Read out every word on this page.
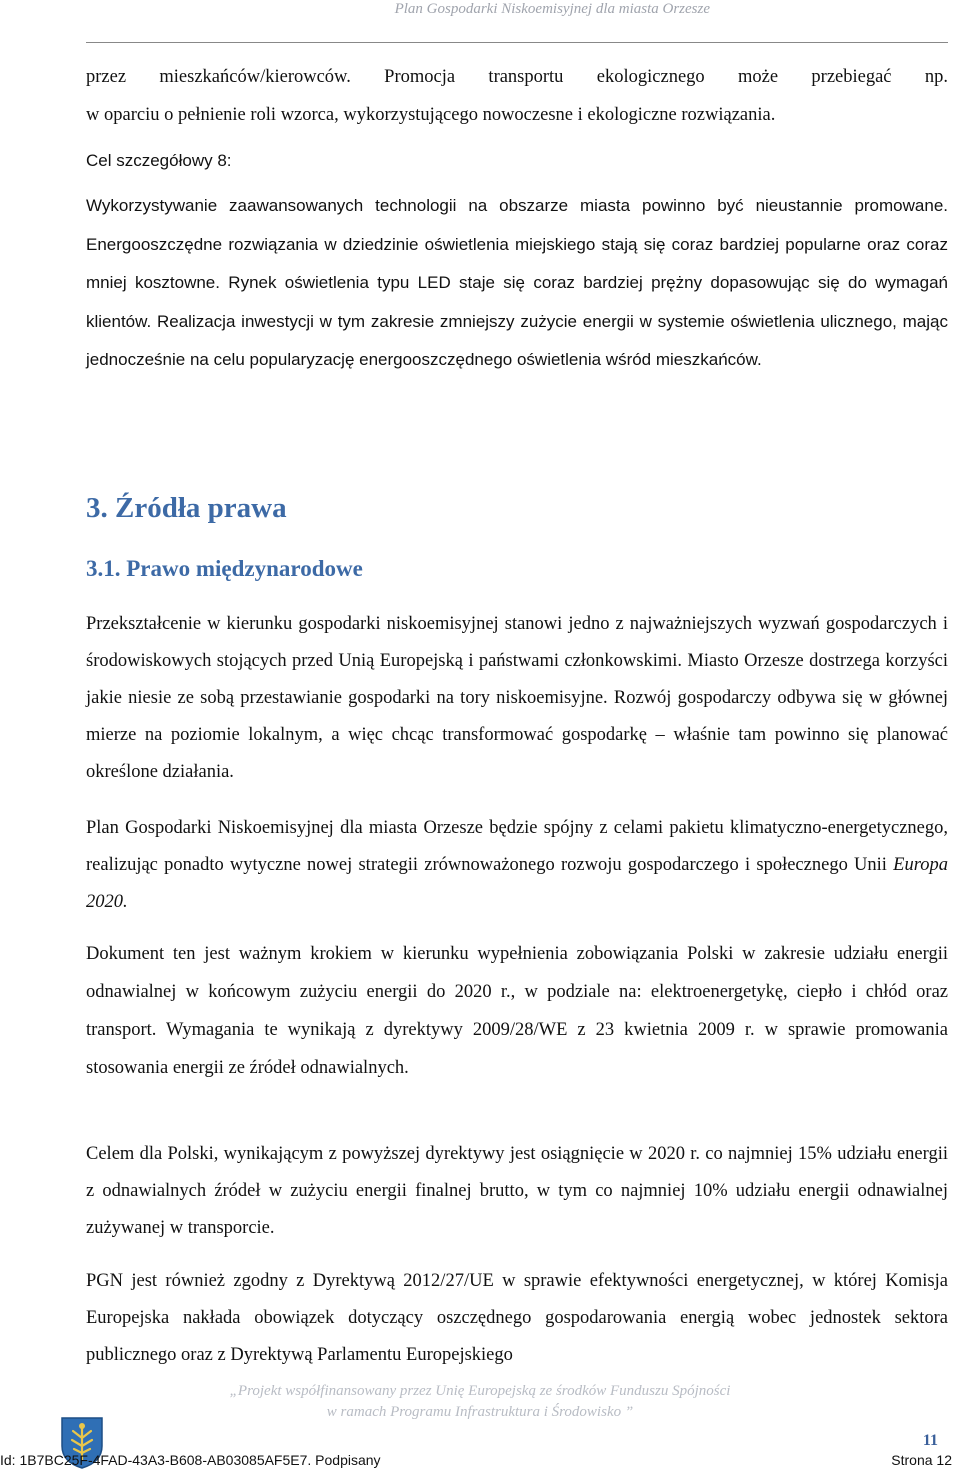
Plan Gospodarki Niskoemisyjnej dla miasta Orzesze

przez mieszkańców/kierowców. Promocja transportu ekologicznego może przebiegać np.
w oparciu o pełnienie roli wzorca, wykorzystującego nowoczesne i ekologiczne rozwiązania.

Cel szczegółowy 8:

Wykorzystywanie zaawansowanych technologii na obszarze miasta powinno być nieustannie promowane. Energooszczędne rozwiązania w dziedzinie oświetlenia miejskiego stają się coraz bardziej popularne oraz coraz mniej kosztowne. Rynek oświetlenia typu LED staje się coraz bardziej prężny dopasowując się do wymagań klientów. Realizacja inwestycji w tym zakresie zmniejszy zużycie energii w systemie oświetlenia ulicznego, mając jednocześnie na celu popularyzację energooszczędnego oświetlenia wśród mieszkańców.

3. Źródła prawa
3.1. Prawo międzynarodowe

Przekształcenie w kierunku gospodarki niskoemisyjnej stanowi jedno z najważniejszych wyzwań gospodarczych i środowiskowych stojących przed Unią Europejską i państwami członkowskimi. Miasto Orzesze dostrzega korzyści jakie niesie ze sobą przestawianie gospodarki na tory niskoemisyjne. Rozwój gospodarczy odbywa się w głównej mierze na poziomie lokalnym, a więc chcąc transformować gospodarkę – właśnie tam powinno się planować określone działania.

Plan Gospodarki Niskoemisyjnej dla miasta Orzesze będzie spójny z celami pakietu klimatyczno-energetycznego, realizując ponadto wytyczne nowej strategii zrównoważonego rozwoju gospodarczego i społecznego Unii Europa 2020.

Dokument ten jest ważnym krokiem w kierunku wypełnienia zobowiązania Polski w zakresie udziału energii odnawialnej w końcowym zużyciu energii do 2020 r., w podziale na: elektroenergetykę, ciepło i chłód oraz transport. Wymagania te wynikają z dyrektywy 2009/28/WE z 23 kwietnia 2009 r. w sprawie promowania stosowania energii ze źródeł odnawialnych.

Celem dla Polski, wynikającym z powyższej dyrektywy jest osiągnięcie w 2020 r. co najmniej 15% udziału energii z odnawialnych źródeł w zużyciu energii finalnej brutto, w tym co najmniej 10% udziału energii odnawialnej zużywanej w transporcie.

PGN jest również zgodny z Dyrektywą 2012/27/UE w sprawie efektywności energetycznej, w której Komisja Europejska nakłada obowiązek dotyczący oszczędnego gospodarowania energią wobec jednostek sektora publicznego oraz z Dyrektywą Parlamentu Europejskiego

„Projekt współfinansowany przez Unię Europejską ze środków Funduszu Spójności
w ramach Programu Infrastruktura i Środowisko ”
11
Id: 1B7BC25F-4FAD-43A3-B608-AB03085AF5E7. Podpisany	Strona 12
